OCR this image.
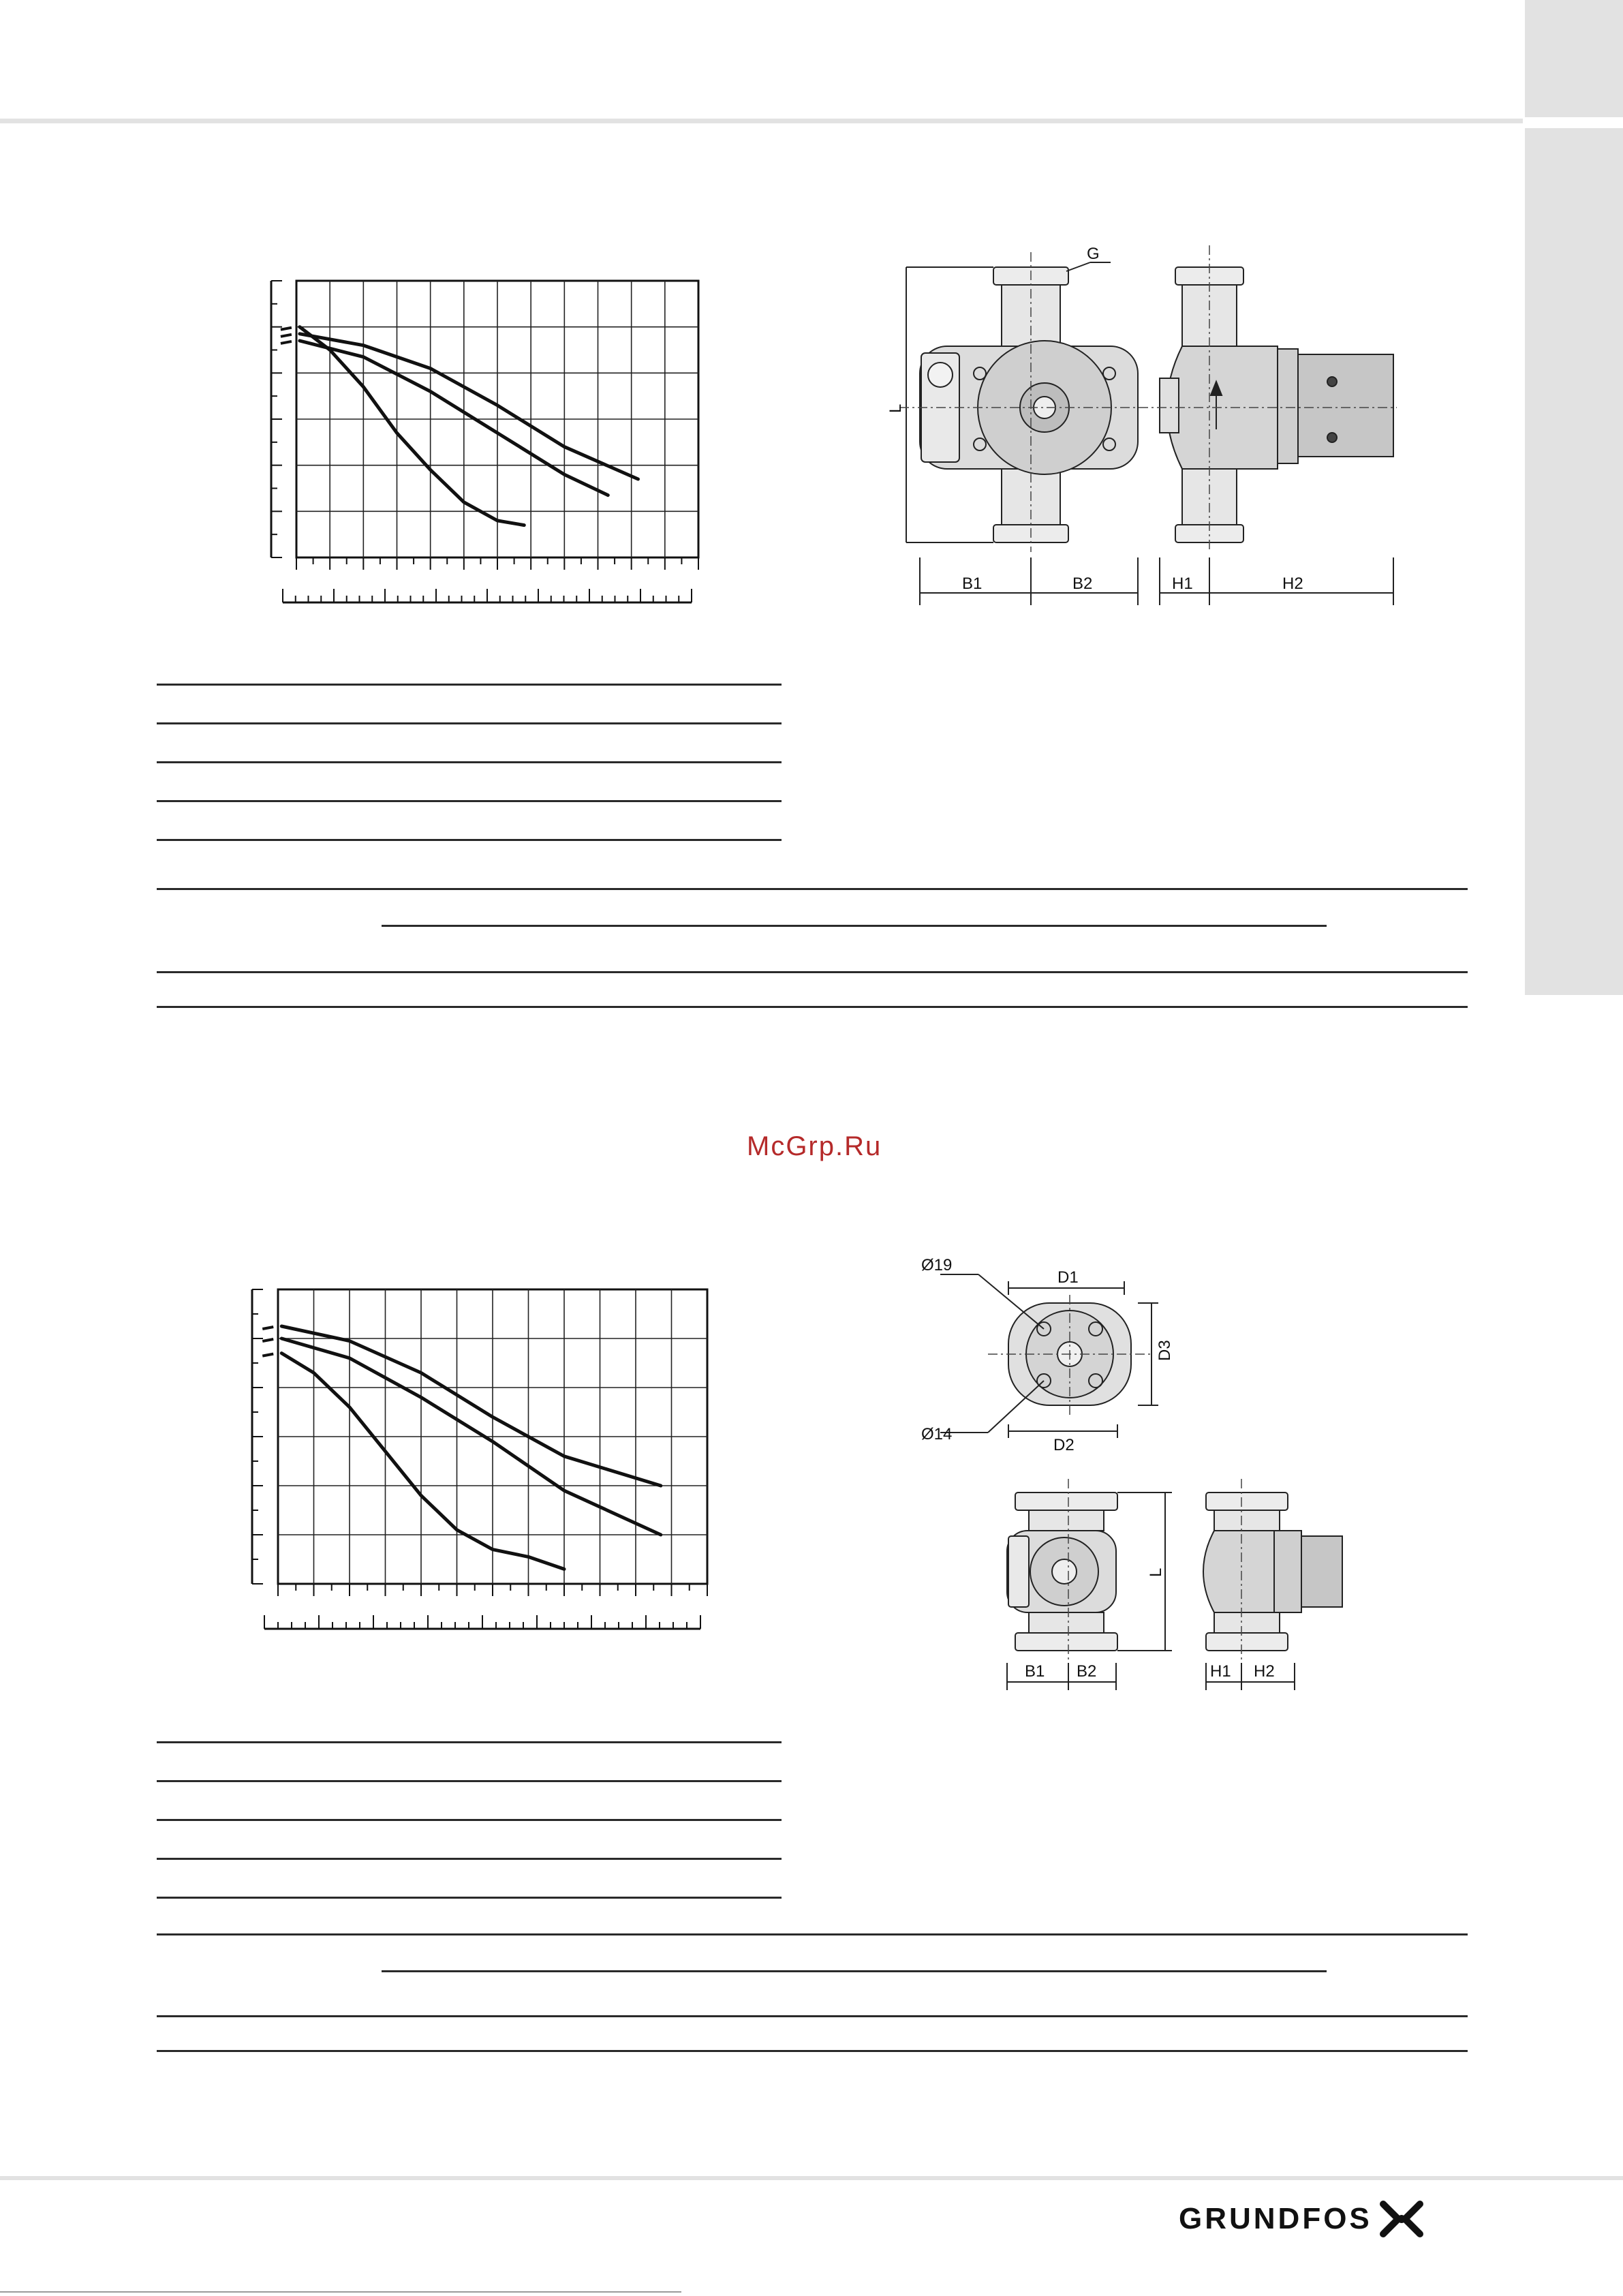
G
L
B1	B2	H1	H2
McGrp.Ru
Ø19
D1
D3
Ø14
D2
L
B1 B2	H1 H2
GRUNDFOS
